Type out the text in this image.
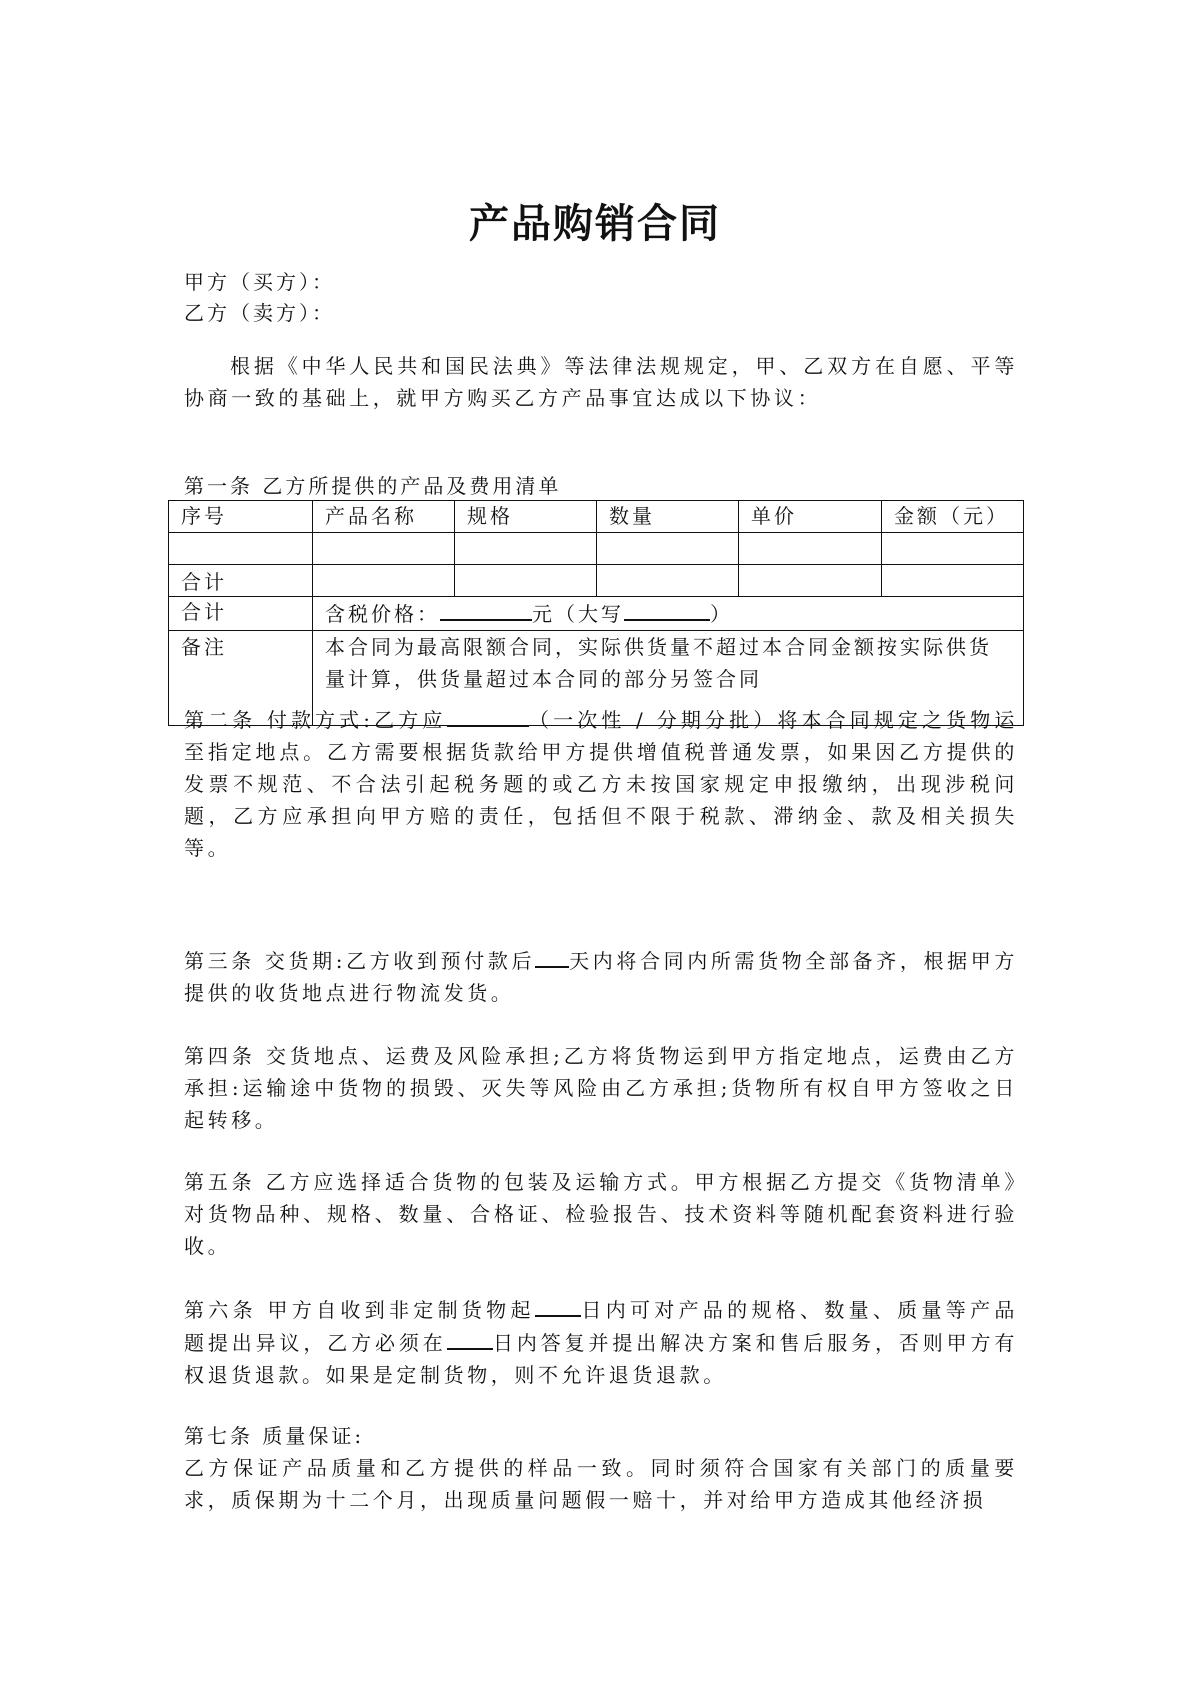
产品购销合同
甲方（买方）：
乙方（卖方）：
根据《中华人民共和国民法典》等法律法规规定，甲、乙双方在自愿、平等协商一致的基础上，就甲方购买乙方产品事宜达成以下协议：
第一条 乙方所提供的产品及费用清单
序号	产品名称	规格	数量	单价	金额（元）

合计					
合计	含税价格： 元（大写 ）				
备注	本合同为最高限额合同，实际供货量不超过本合同金额按实际供货量计算，供货量超过本合同的部分另签合同				
第二条 付款方式:乙方应	（一次性 / 分期分批）将本合同规定之货物运至指定地点。乙方需要根据货款给甲方提供增值税普通发票，如果因乙方提供的发票不规范、不合法引起税务题的或乙方未按国家规定申报缴纳，出现涉税问题，乙方应承担向甲方赔的责任，包括但不限于税款、滞纳金、款及相关损失等。
第三条 交货期:乙方收到预付款后 天内将合同内所需货物全部备齐，根据甲方提供的收货地点进行物流发货。
第四条 交货地点、运费及风险承担;乙方将货物运到甲方指定地点，运费由乙方承担:运输途中货物的损毁、灭失等风险由乙方承担;货物所有权自甲方签收之日起转移。
第五条 乙方应选择适合货物的包装及运输方式。甲方根据乙方提交《货物清单》对货物品种、规格、数量、合格证、检验报告、技术资料等随机配套资料进行验收。
第六条 甲方自收到非定制货物起 日内可对产品的规格、数量、质量等产品题提出异议，乙方必须在 日内答复并提出解决方案和售后服务，否则甲方有权退货退款。如果是定制货物，则不允许退货退款。
第七条 质量保证:
乙方保证产品质量和乙方提供的样品一致。同时须符合国家有关部门的质量要求，质保期为十二个月，出现质量问题假一赔十，并对给甲方造成其他经济损
